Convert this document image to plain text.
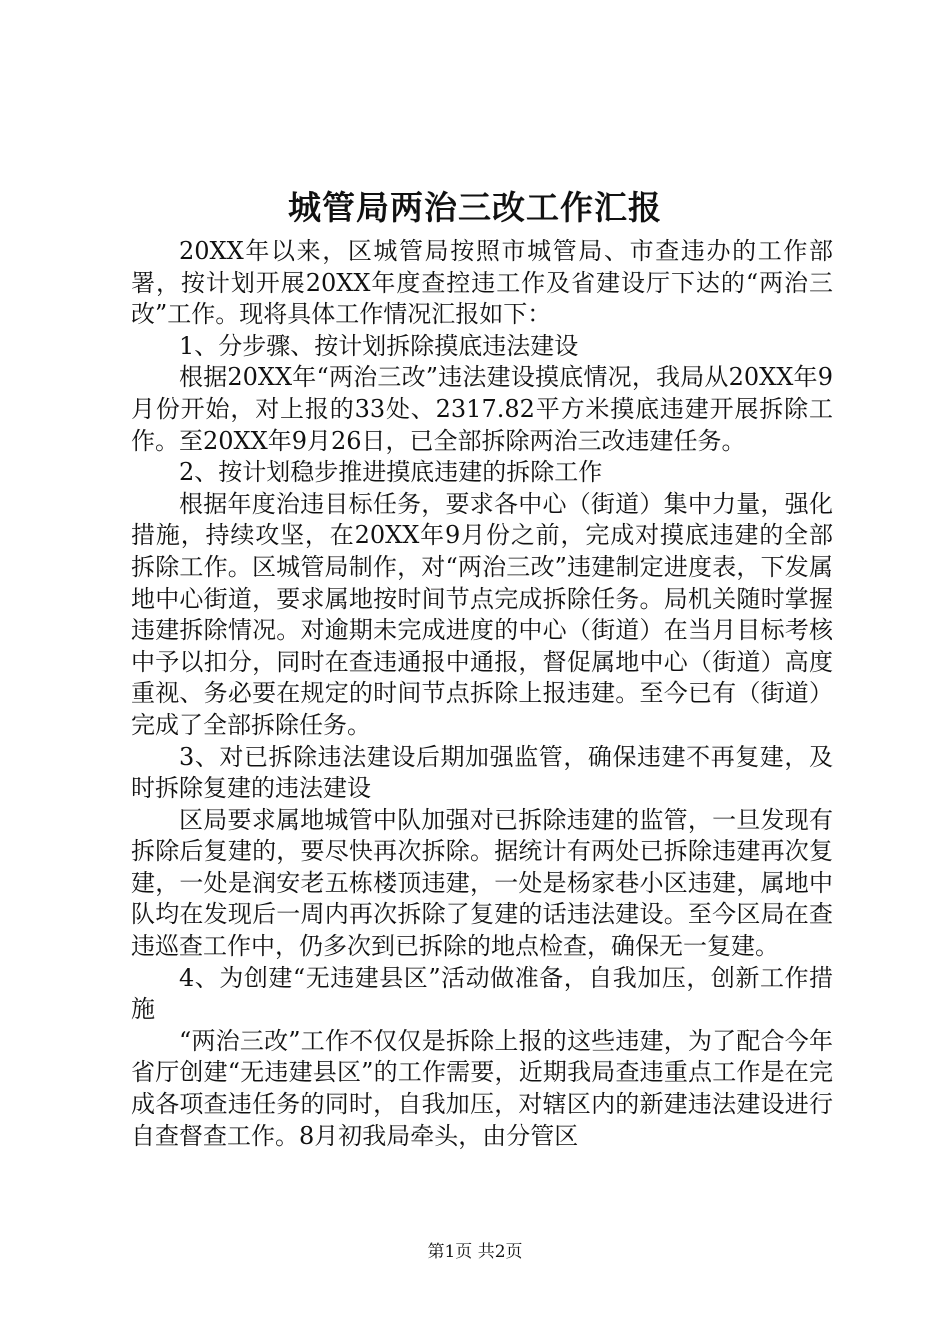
城管局两治三改工作汇报

20XX年以来，区城管局按照市城管局、市查违办的工作部署，按计划开展20XX年度查控违工作及省建设厅下达的“两治三改”工作。现将具体工作情况汇报如下：

1、分步骤、按计划拆除摸底违法建设

根据20XX年“两治三改”违法建设摸底情况，我局从20XX年9月份开始，对上报的33处、2317.82平方米摸底违建开展拆除工作。至20XX年9月26日，已全部拆除两治三改违建任务。

2、按计划稳步推进摸底违建的拆除工作

根据年度治违目标任务，要求各中心（街道）集中力量，强化措施，持续攻坚，在20XX年9月份之前，完成对摸底违建的全部拆除工作。区城管局制作，对“两治三改”违建制定进度表，下发属地中心街道，要求属地按时间节点完成拆除任务。局机关随时掌握违建拆除情况。对逾期未完成进度的中心（街道）在当月目标考核中予以扣分，同时在查违通报中通报，督促属地中心（街道）高度重视、务必要在规定的时间节点拆除上报违建。至今已有（街道）完成了全部拆除任务。

3、对已拆除违法建设后期加强监管，确保违建不再复建，及时拆除复建的违法建设

区局要求属地城管中队加强对已拆除违建的监管，一旦发现有拆除后复建的，要尽快再次拆除。据统计有两处已拆除违建再次复建，一处是润安老五栋楼顶违建，一处是杨家巷小区违建，属地中队均在发现后一周内再次拆除了复建的话违法建设。至今区局在查违巡查工作中，仍多次到已拆除的地点检查，确保无一复建。

4、为创建“无违建县区”活动做准备，自我加压，创新工作措施

“两治三改”工作不仅仅是拆除上报的这些违建，为了配合今年省厅创建“无违建县区”的工作需要，近期我局查违重点工作是在完成各项查违任务的同时，自我加压，对辖区内的新建违法建设进行自查督查工作。8月初我局牵头，由分管区

第1页 共2页
